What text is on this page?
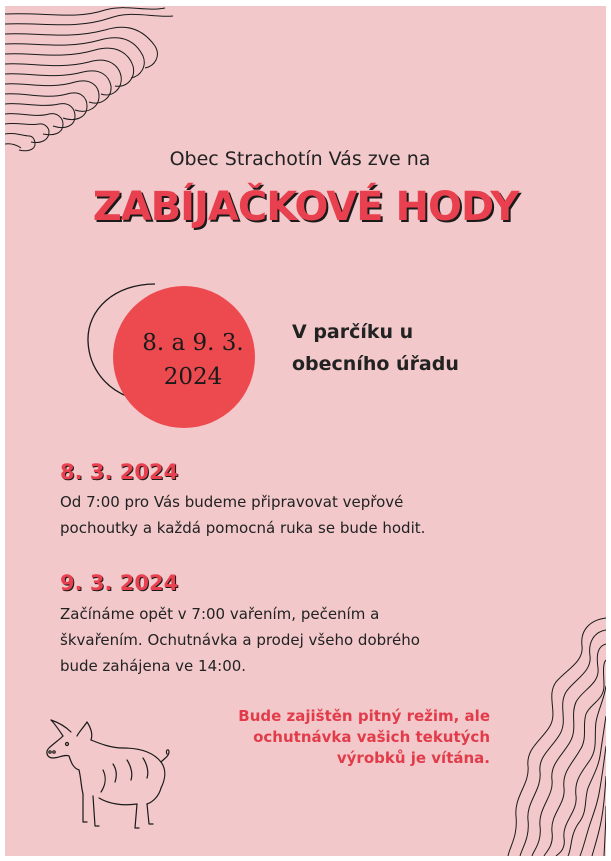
Obec Strachotín Vás zve na
ZABÍJAČKOVÉ HODY
8. a 9. 3.
2024
V parčíku u
obecního úřadu
8. 3. 2024
Od 7:00 pro Vás budeme připravovat vepřové
pochoutky a každá pomocná ruka se bude hodit.
9. 3. 2024
Začínáme opět v 7:00 vařením, pečením a
škvařením. Ochutnávka a prodej všeho dobrého
bude zahájena ve 14:00.
Bude zajištěn pitný režim, ale
ochutnávka vašich tekutých
výrobků je vítána.
